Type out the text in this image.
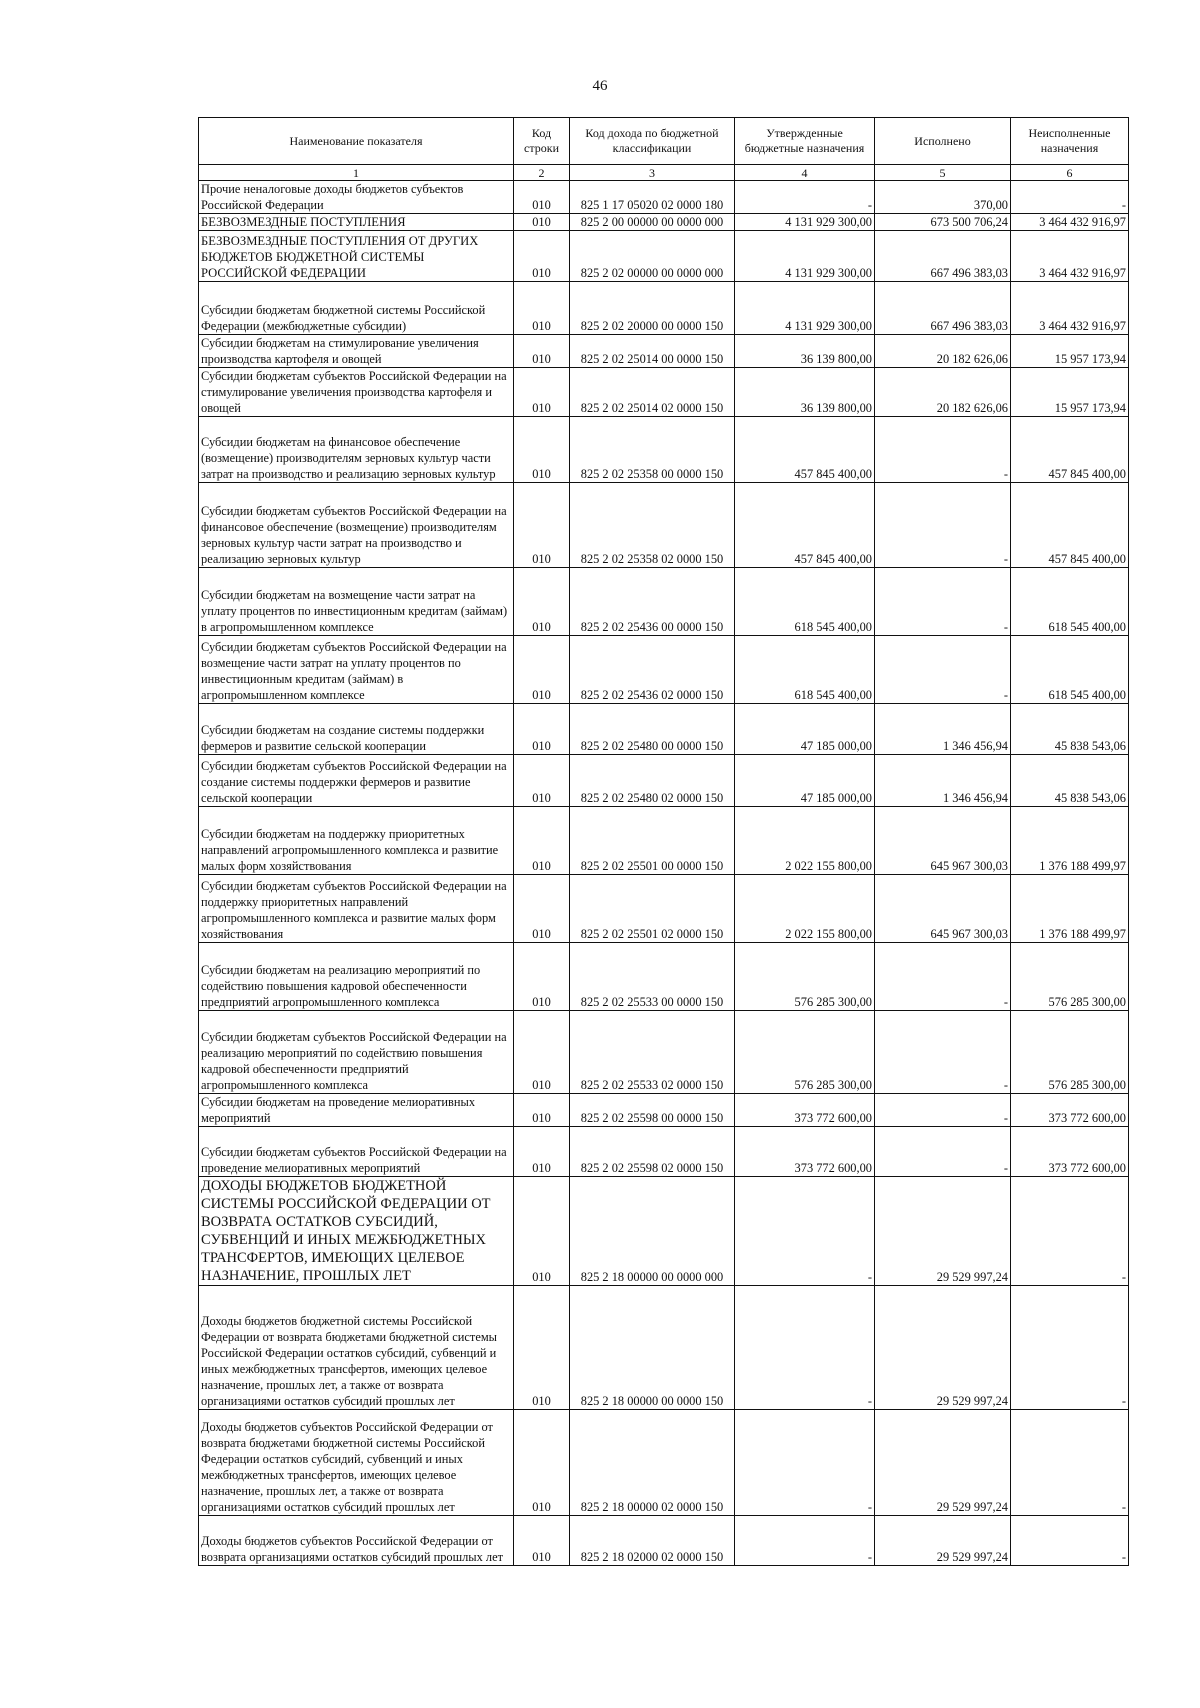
46
Наименование показателя	Код строки	Код дохода по бюджетной классификации	Утвержденные бюджетные назначения	Исполнено	Неисполненные назначения
1	2	3	4	5	6
Прочие неналоговые доходы бюджетов субъектов Российской Федерации	010	825 1 17 05020 02 0000 180	-	370,00	-
БЕЗВОЗМЕЗДНЫЕ ПОСТУПЛЕНИЯ	010	825 2 00 00000 00 0000 000	4 131 929 300,00	673 500 706,24	3 464 432 916,97
БЕЗВОЗМЕЗДНЫЕ ПОСТУПЛЕНИЯ ОТ ДРУГИХ БЮДЖЕТОВ БЮДЖЕТНОЙ СИСТЕМЫ РОССИЙСКОЙ ФЕДЕРАЦИИ	010	825 2 02 00000 00 0000 000	4 131 929 300,00	667 496 383,03	3 464 432 916,97
Субсидии бюджетам бюджетной системы Российской Федерации (межбюджетные субсидии)	010	825 2 02 20000 00 0000 150	4 131 929 300,00	667 496 383,03	3 464 432 916,97
Субсидии бюджетам на стимулирование увеличения производства картофеля и овощей	010	825 2 02 25014 00 0000 150	36 139 800,00	20 182 626,06	15 957 173,94
Субсидии бюджетам субъектов Российской Федерации на стимулирование увеличения производства картофеля и овощей	010	825 2 02 25014 02 0000 150	36 139 800,00	20 182 626,06	15 957 173,94
Субсидии бюджетам на финансовое обеспечение (возмещение) производителям зерновых культур части затрат на производство и реализацию зерновых культур	010	825 2 02 25358 00 0000 150	457 845 400,00	-	457 845 400,00
Субсидии бюджетам субъектов Российской Федерации на финансовое обеспечение (возмещение) производителям зерновых культур части затрат на производство и реализацию зерновых культур	010	825 2 02 25358 02 0000 150	457 845 400,00	-	457 845 400,00
Субсидии бюджетам на возмещение части затрат на уплату процентов по инвестиционным кредитам (займам) в агропромышленном комплексе	010	825 2 02 25436 00 0000 150	618 545 400,00	-	618 545 400,00
Субсидии бюджетам субъектов Российской Федерации на возмещение части затрат на уплату процентов по инвестиционным кредитам (займам) в агропромышленном комплексе	010	825 2 02 25436 02 0000 150	618 545 400,00	-	618 545 400,00
Субсидии бюджетам на создание системы поддержки фермеров и развитие сельской кооперации	010	825 2 02 25480 00 0000 150	47 185 000,00	1 346 456,94	45 838 543,06
Субсидии бюджетам субъектов Российской Федерации на создание системы поддержки фермеров и развитие сельской кооперации	010	825 2 02 25480 02 0000 150	47 185 000,00	1 346 456,94	45 838 543,06
Субсидии бюджетам на поддержку приоритетных направлений агропромышленного комплекса и развитие малых форм хозяйствования	010	825 2 02 25501 00 0000 150	2 022 155 800,00	645 967 300,03	1 376 188 499,97
Субсидии бюджетам субъектов Российской Федерации на поддержку приоритетных направлений агропромышленного комплекса и развитие малых форм хозяйствования	010	825 2 02 25501 02 0000 150	2 022 155 800,00	645 967 300,03	1 376 188 499,97
Субсидии бюджетам на реализацию мероприятий по содействию повышения кадровой обеспеченности предприятий агропромышленного комплекса	010	825 2 02 25533 00 0000 150	576 285 300,00	-	576 285 300,00
Субсидии бюджетам субъектов Российской Федерации на реализацию мероприятий по содействию повышения кадровой обеспеченности предприятий агропромышленного комплекса	010	825 2 02 25533 02 0000 150	576 285 300,00	-	576 285 300,00
Субсидии бюджетам на проведение мелиоративных мероприятий	010	825 2 02 25598 00 0000 150	373 772 600,00	-	373 772 600,00
Субсидии бюджетам субъектов Российской Федерации на проведение мелиоративных мероприятий	010	825 2 02 25598 02 0000 150	373 772 600,00	-	373 772 600,00
ДОХОДЫ БЮДЖЕТОВ БЮДЖЕТНОЙ СИСТЕМЫ РОССИЙСКОЙ ФЕДЕРАЦИИ ОТ ВОЗВРАТА ОСТАТКОВ СУБСИДИЙ, СУБВЕНЦИЙ И ИНЫХ МЕЖБЮДЖЕТНЫХ ТРАНСФЕРТОВ, ИМЕЮЩИХ ЦЕЛЕВОЕ НАЗНАЧЕНИЕ, ПРОШЛЫХ ЛЕТ	010	825 2 18 00000 00 0000 000	-	29 529 997,24	-
Доходы бюджетов бюджетной системы Российской Федерации от возврата бюджетами бюджетной системы Российской Федерации остатков субсидий, субвенций и иных межбюджетных трансфертов, имеющих целевое назначение, прошлых лет, а также от возврата организациями остатков субсидий прошлых лет	010	825 2 18 00000 00 0000 150	-	29 529 997,24	-
Доходы бюджетов субъектов Российской Федерации от возврата бюджетами бюджетной системы Российской Федерации остатков субсидий, субвенций и иных межбюджетных трансфертов, имеющих целевое назначение, прошлых лет, а также от возврата организациями остатков субсидий прошлых лет	010	825 2 18 00000 02 0000 150	-	29 529 997,24	-
Доходы бюджетов субъектов Российской Федерации от возврата организациями остатков субсидий прошлых лет	010	825 2 18 02000 02 0000 150	-	29 529 997,24	-
